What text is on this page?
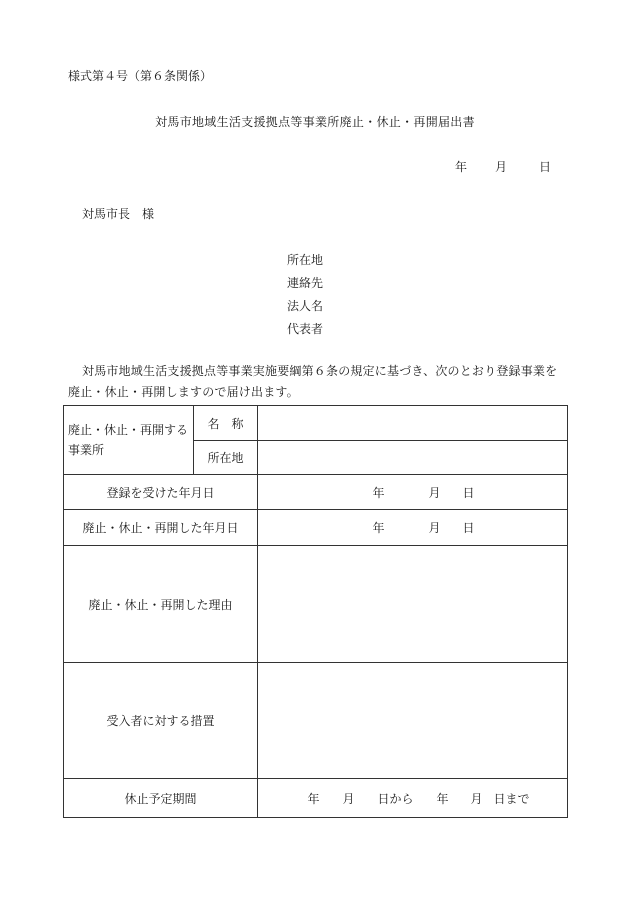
様式第４号（第６条関係）
対馬市地域生活支援拠点等事業所廃止・休止・再開届出書
年 月	日
対馬市長　様
所在地
連絡先
法人名
代表者
対馬市地域生活支援拠点等事業実施要綱第６条の規定に基づき、次のとおり登録事業を廃止・休止・再開しますので届け出ます。
廃止・休止・再開する事業所	名　称	
	所在地	
登録を受けた年月日		年 月 日
廃止・休止・再開した年月日		年 月 日
廃止・休止・再開した理由		
受入者に対する措置		
休止予定期間		年 月 日から 年 月 日まで
